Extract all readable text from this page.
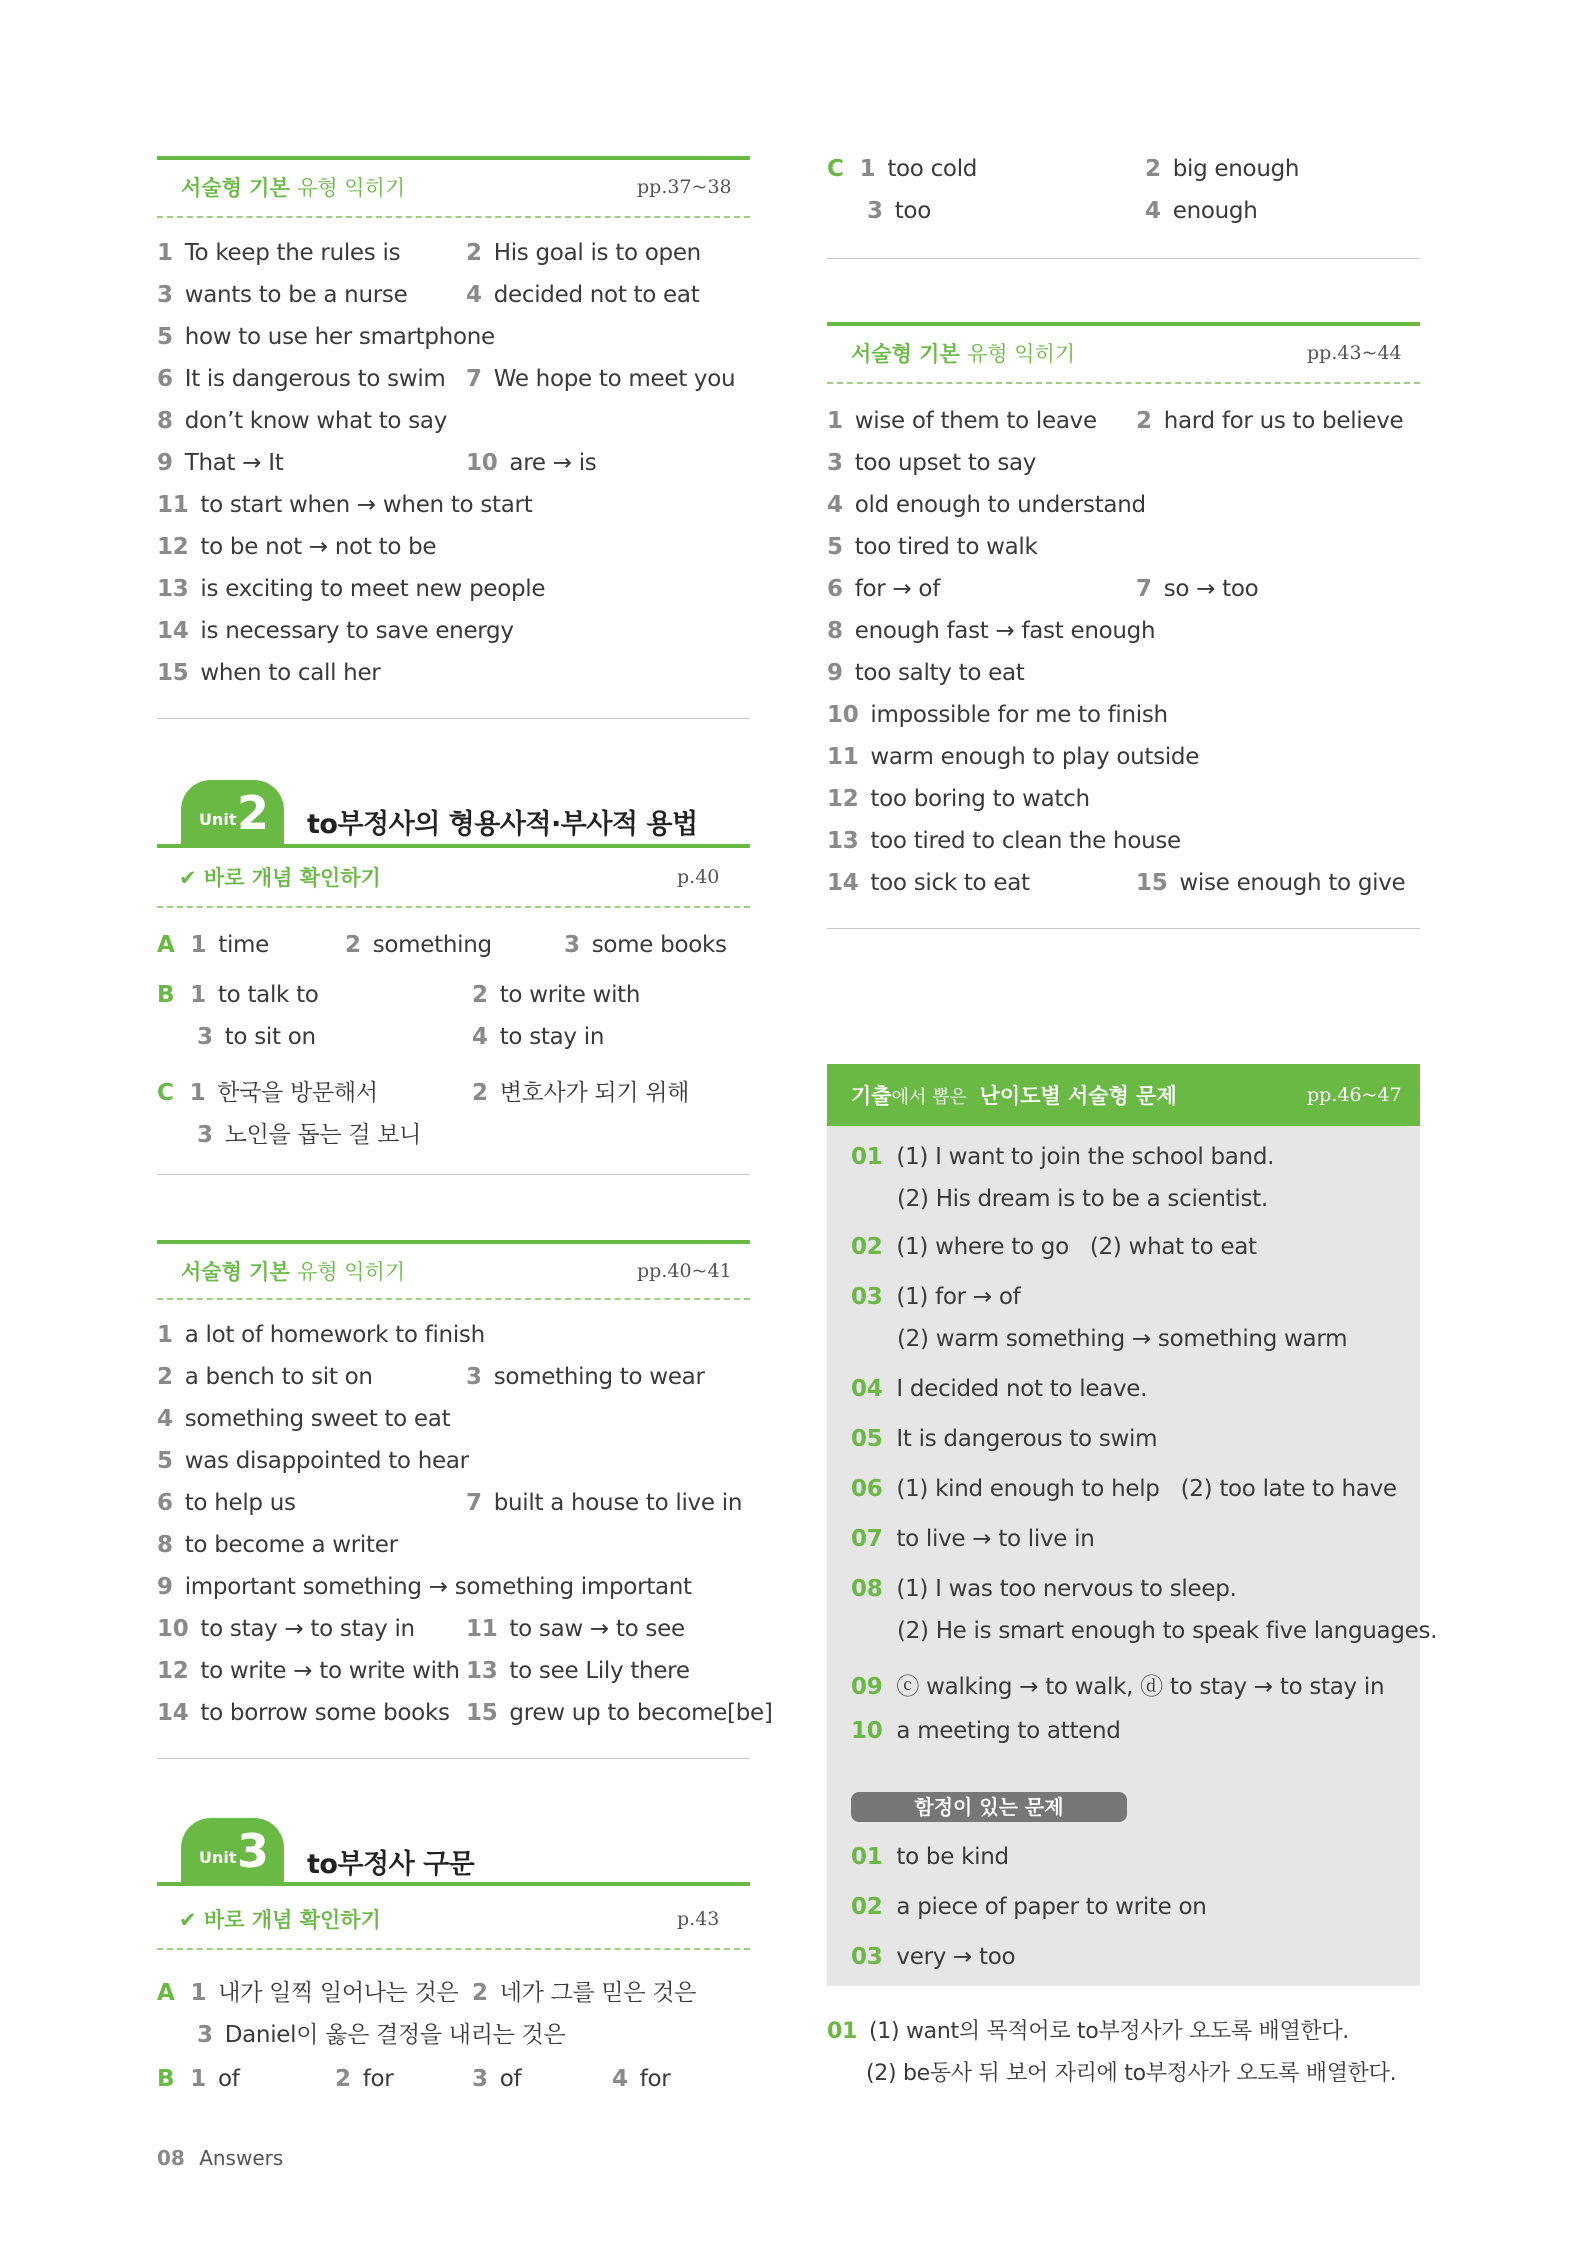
서술형 기본 유형 익히기	pp.37~38
1 To keep the rules is	2 His goal is to open
3 wants to be a nurse	4 decided not to eat
5 how to use her smartphone
6 It is dangerous to swim 7 We hope to meet you
8 don’t know what to say
9 That → It	10 are → is
11 to start when → when to start
12 to be not → not to be
13 is exciting to meet new people
14 is necessary to save energy
15 when to call her
Unit 2 to부정사의 형용사적·부사적 용법
✔ 바로 개념 확인하기	p.40
A 1 time	2 something	3 some books
B 1 to talk to	2 to write with
3 to sit on	4 to stay in
C 1 한국을 방문해서	2 변호사가 되기 위해
3 노인을 돕는 걸 보니
서술형 기본 유형 익히기	pp.40~41
1 a lot of homework to finish
2 a bench to sit on	3 something to wear
4 something sweet to eat
5 was disappointed to hear
6 to help us	7 built a house to live in
8 to become a writer
9 important something → something important
10 to stay → to stay in 11 to saw → to see
12 to write → to write with 13 to see Lily there
14 to borrow some books 15 grew up to become[be]
Unit 3 to부정사 구문
✔ 바로 개념 확인하기	p.43
A 1 내가 일찍 일어나는 것은 2 네가 그를 믿은 것은
3 Daniel이 옳은 결정을 내리는 것은
B 1 of	2 for	3 of	4 for
08 Answers
C 1 too cold	2 big enough
3 too	4 enough
서술형 기본 유형 익히기	pp.43~44
1 wise of them to leave 2 hard for us to believe
3 too upset to say
4 old enough to understand
5 too tired to walk
6 for → of	7 so → too
8 enough fast → fast enough
9 too salty to eat
10 impossible for me to finish
11 warm enough to play outside
12 too boring to watch
13 too tired to clean the house
14 too sick to eat	15 wise enough to give
기출에서 뽑은 난이도별 서술형 문제	pp.46~47
01 (1) I want to join the school band.
(2) His dream is to be a scientist.
02 (1) where to go   (2) what to eat
03 (1) for → of
(2) warm something → something warm
04 I decided not to leave.
05 It is dangerous to swim
06 (1) kind enough to help   (2) too late to have
07 to live → to live in
08 (1) I was too nervous to sleep.
(2) He is smart enough to speak five languages.
09 ⓒ walking → to walk, ⓓ to stay → to stay in
10 a meeting to attend
함정이 있는 문제
01 to be kind
02 a piece of paper to write on
03 very → too
01 (1) want의 목적어로 to부정사가 오도록 배열한다.
(2) be동사 뒤 보어 자리에 to부정사가 오도록 배열한다.
